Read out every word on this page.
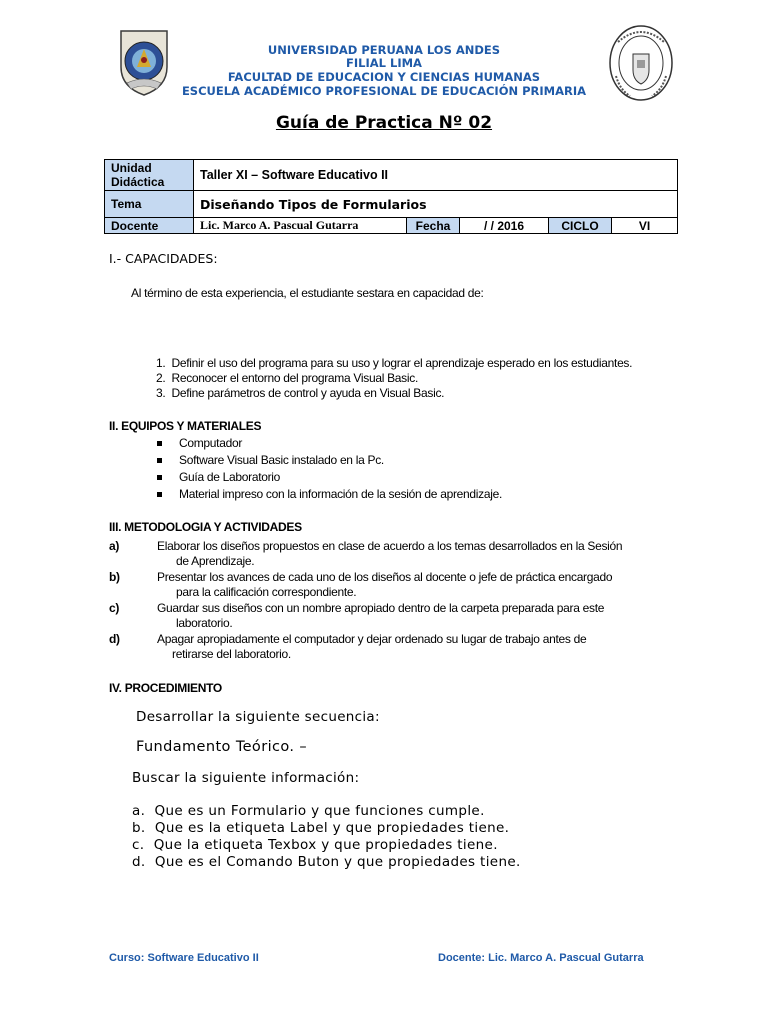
UNIVERSIDAD PERUANA LOS ANDES
FILIAL LIMA
FACULTAD DE EDUCACION Y CIENCIAS HUMANAS
ESCUELA ACADÉMICO PROFESIONAL DE EDUCACIÓN PRIMARIA
Guía de Practica Nº 02
Unidad Didáctica	Taller XI – Software Educativo II				
Tema	Diseñando Tipos de Formularios				
Docente	Lic. Marco A. Pascual Gutarra	Fecha	/ / 2016	CICLO	VI
I.- CAPACIDADES:
Al término de esta experiencia, el estudiante sestara en capacidad de:
1.  Definir el uso del programa para su uso y lograr el aprendizaje esperado en los estudiantes.
2.  Reconocer el entorno del programa Visual Basic.
3.  Define parámetros de control y ayuda en Visual Basic.
II. EQUIPOS Y MATERIALES
Computador
Software Visual Basic instalado en la Pc.
Guía de Laboratorio
Material impreso con la información de la sesión de aprendizaje.
III. METODOLOGIA Y ACTIVIDADES
a)	Elaborar los diseños propuestos en clase de acuerdo a los temas desarrollados en la Sesión
de Aprendizaje.
b)	Presentar los avances de cada uno de los diseños al docente o jefe de práctica encargado
para la calificación correspondiente.
c)	Guardar sus diseños con un nombre apropiado dentro de la carpeta preparada para este
laboratorio.
d)	Apagar apropiadamente el computador y dejar ordenado su lugar de trabajo antes de
retirarse del laboratorio.
IV. PROCEDIMIENTO
Desarrollar la siguiente secuencia:
Fundamento Teórico. –
Buscar la siguiente información:
a.  Que es un Formulario y que funciones cumple.
b.  Que es la etiqueta Label y que propiedades tiene.
c.  Que la etiqueta Texbox y que propiedades tiene.
d.  Que es el Comando Buton y que propiedades tiene.
Curso: Software Educativo II	Docente: Lic. Marco A. Pascual Gutarra
